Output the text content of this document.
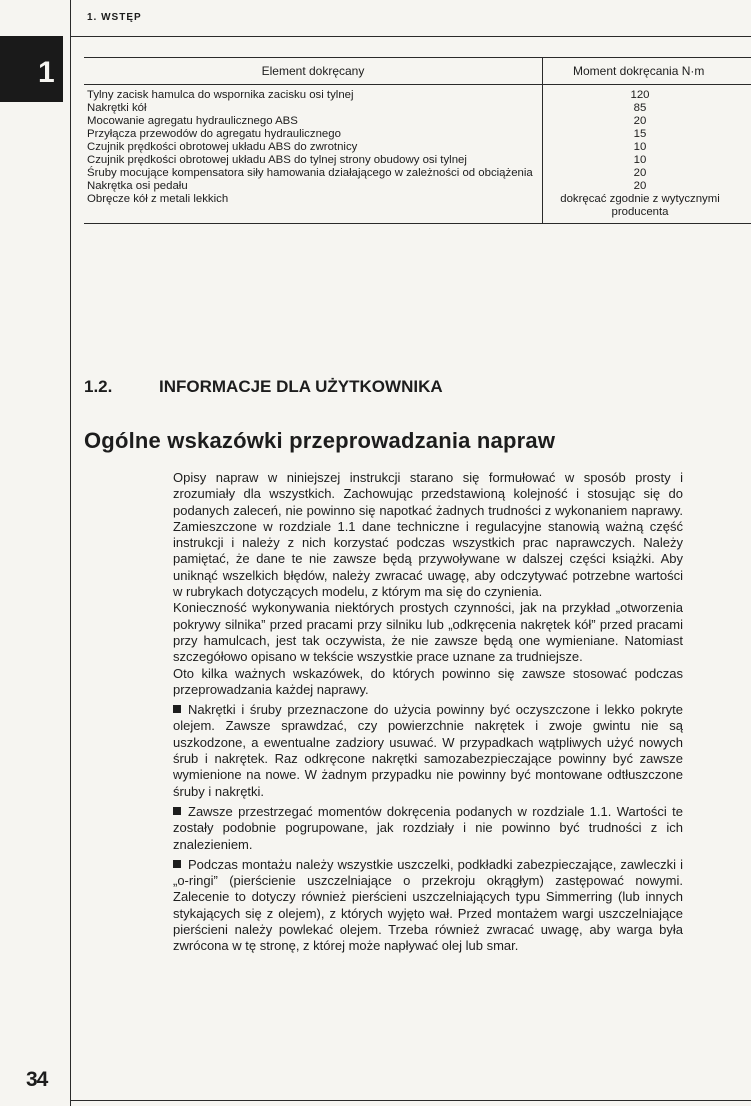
1. WSTĘP
1	Element dokręcany	Moment dokręcania N·m
Tylny zacisk hamulca do wspornika zacisku osi tylnej	120
Nakrętki kół	85
Mocowanie agregatu hydraulicznego ABS	20
Przyłącza przewodów do agregatu hydraulicznego	15
Czujnik prędkości obrotowej układu ABS do zwrotnicy	10
Czujnik prędkości obrotowej układu ABS do tylnej strony obudowy osi tylnej	10
Śruby mocujące kompensatora siły hamowania działającego w zależności od obciążenia	20
Nakrętka osi pedału	20
Obręcze kół z metali lekkich	dokręcać zgodnie z wytycznymi producenta
1.2.	INFORMACJE DLA UŻYTKOWNIKA
Ogólne wskazówki przeprowadzania napraw

Opisy napraw w niniejszej instrukcji starano się formułować w sposób prosty i zrozumiały dla wszystkich. Zachowując przedstawioną kolejność i stosując się do podanych zaleceń, nie powinno się napotkać żadnych trudności z wykonaniem naprawy. Zamieszczone w rozdziale 1.1 dane techniczne i regulacyjne stanowią ważną część instrukcji i należy z nich korzystać podczas wszystkich prac naprawczych. Należy pamiętać, że dane te nie zawsze będą przywoływane w dalszej części książki. Aby uniknąć wszelkich błędów, należy zwracać uwagę, aby odczytywać potrzebne wartości w rubrykach dotyczących modelu, z którym ma się do czynienia.

Konieczność wykonywania niektórych prostych czynności, jak na przykład „otworzenia pokrywy silnika” przed pracami przy silniku lub „odkręcenia nakrętek kół” przed pracami przy hamulcach, jest tak oczywista, że nie zawsze będą one wymieniane. Natomiast szczegółowo opisano w tekście wszystkie prace uznane za trudniejsze.

Oto kilka ważnych wskazówek, do których powinno się zawsze stosować podczas przeprowadzania każdej naprawy.

Nakrętki i śruby przeznaczone do użycia powinny być oczyszczone i lekko pokryte olejem. Zawsze sprawdzać, czy powierzchnie nakrętek i zwoje gwintu nie są uszkodzone, a ewentualne zadziory usuwać. W przypadkach wątpliwych użyć nowych śrub i nakrętek. Raz odkręcone nakrętki samozabezpieczające powinny być zawsze wymienione na nowe. W żadnym przypadku nie powinny być montowane odtłuszczone śruby i nakrętki.

Zawsze przestrzegać momentów dokręcenia podanych w rozdziale 1.1. Wartości te zostały podobnie pogrupowane, jak rozdziały i nie powinno być trudności z ich znalezieniem.

Podczas montażu należy wszystkie uszczelki, podkładki zabezpieczające, zawleczki i „o-ringi” (pierścienie uszczelniające o przekroju okrągłym) zastępować nowymi. Zalecenie to dotyczy również pierścieni uszczelniających typu Simmerring (lub innych stykających się z olejem), z których wyjęto wał. Przed montażem wargi uszczelniające pierścieni należy powlekać olejem. Trzeba również zwracać uwagę, aby warga była zwrócona w tę stronę, z której może napływać olej lub smar.

34
